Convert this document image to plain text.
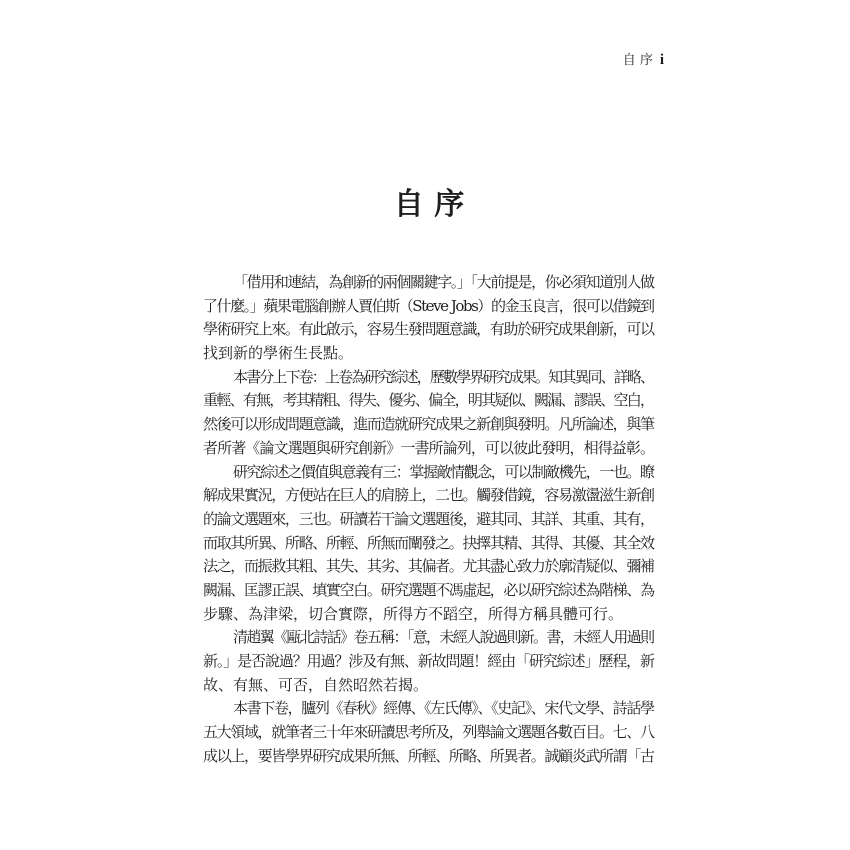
自 序 i
自 序
「借用和連結，為創新的兩個關鍵字。」「大前提是，你必須知道別人做
了什麼。」蘋果電腦創辦人賈伯斯（Steve Jobs）的金玉良言，很可以借鏡到
學術研究上來。有此啟示，容易生發問題意識，有助於研究成果創新，可以
找到新的學術生長點。
本書分上下卷：上卷為研究綜述，歷數學界研究成果。知其異同、詳略、
重輕、有無，考其精粗、得失、優劣、偏全，明其疑似、闕漏、謬誤、空白，
然後可以形成問題意識，進而造就研究成果之新創與發明。凡所論述，與筆
者所著《論文選題與研究創新》一書所論列，可以彼此發明，相得益彰。
研究綜述之價值與意義有三：掌握敵情觀念，可以制敵機先，一也。瞭
解成果實況，方便站在巨人的肩膀上，二也。觸發借鏡，容易激盪滋生新創
的論文選題來，三也。研讀若干論文選題後，避其同、其詳、其重、其有，
而取其所異、所略、所輕、所無而闡發之。抉擇其精、其得、其優、其全效
法之，而振救其粗、其失、其劣、其偏者。尤其盡心致力於廓清疑似、彌補
闕漏、匡謬正誤、填實空白。研究選題不馮虛起，必以研究綜述為階梯、為
步驟、為津梁，切合實際，所得方不蹈空，所得方稱具體可行。
清趙翼《甌北詩話》卷五稱：「意，未經人說過則新。書，未經人用過則
新。」是否說過？用過？涉及有無、新故問題！經由「研究綜述」歷程，新
故、有無、可否，自然昭然若揭。
本書下卷，臚列《春秋》經傳、《左氏傳》、《史記》、宋代文學、詩話學
五大領域，就筆者三十年來研讀思考所及，列舉論文選題各數百目。七、八
成以上，要皆學界研究成果所無、所輕、所略、所異者。誠顧炎武所謂「古
